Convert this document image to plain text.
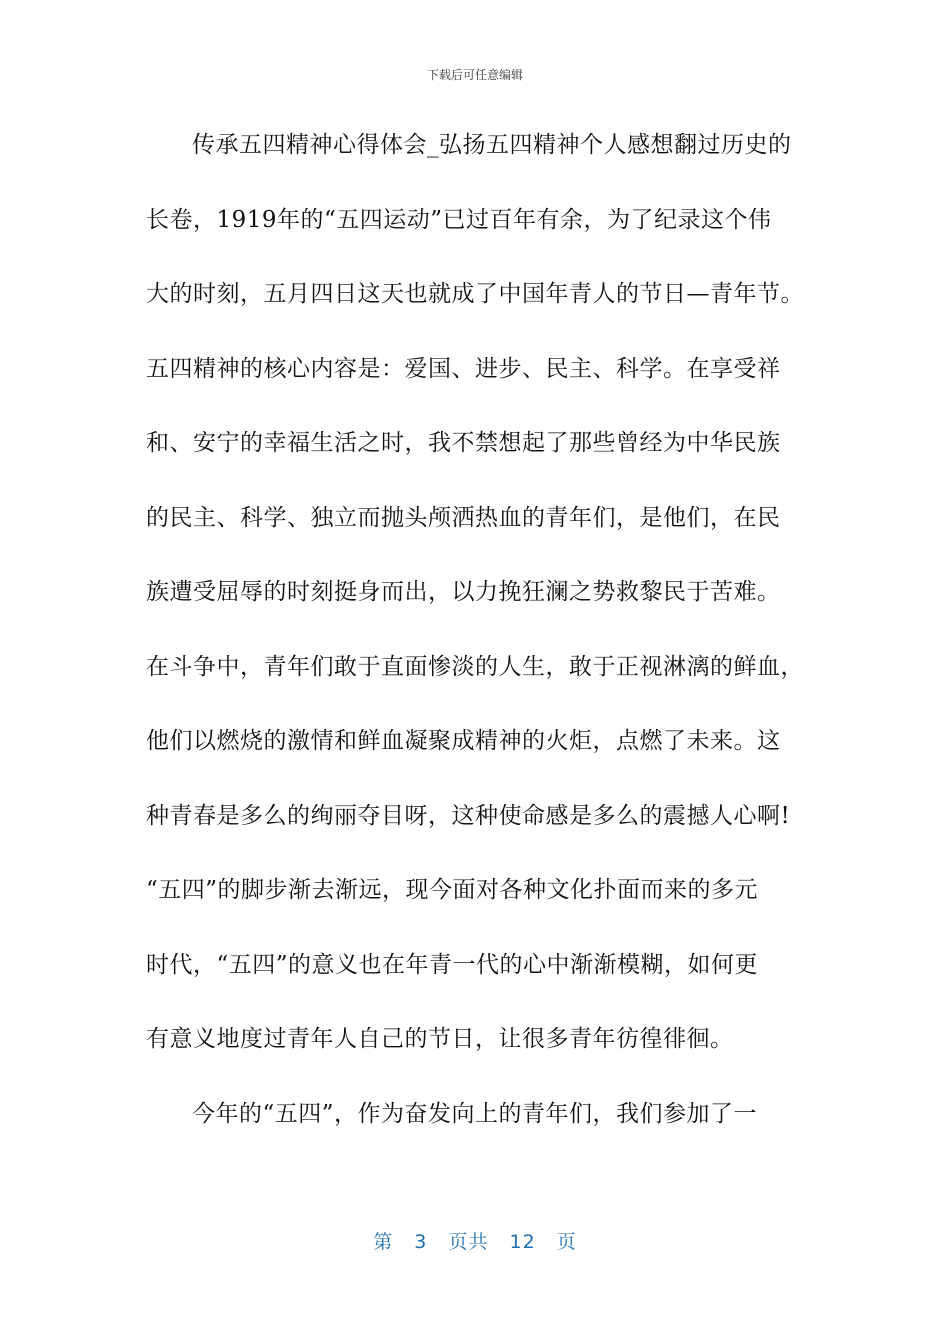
下载后可任意编辑
传承五四精神心得体会_弘扬五四精神个人感想翻过历史的
长卷，1919年的“五四运动”已过百年有余，为了纪录这个伟
大的时刻，五月四日这天也就成了中国年青人的节日—青年节。
五四精神的核心内容是：爱国、进步、民主、科学。在享受祥
和、安宁的幸福生活之时，我不禁想起了那些曾经为中华民族
的民主、科学、独立而抛头颅洒热血的青年们，是他们，在民
族遭受屈辱的时刻挺身而出，以力挽狂澜之势救黎民于苦难。
在斗争中，青年们敢于直面惨淡的人生，敢于正视淋漓的鲜血，
他们以燃烧的激情和鲜血凝聚成精神的火炬，点燃了未来。这
种青春是多么的绚丽夺目呀，这种使命感是多么的震撼人心啊!
“五四”的脚步渐去渐远，现今面对各种文化扑面而来的多元
时代，“五四”的意义也在年青一代的心中渐渐模糊，如何更
有意义地度过青年人自己的节日，让很多青年彷徨徘徊。
今年的“五四”，作为奋发向上的青年们，我们参加了一
第 3 页共 12 页
